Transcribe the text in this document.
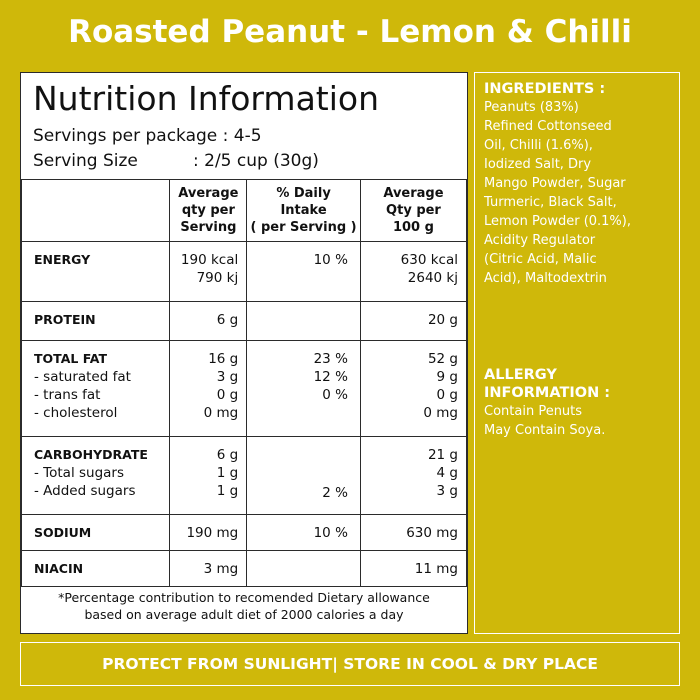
Roasted Peanut - Lemon & Chilli
Nutrition Information
Servings per package : 4-5
Serving Size	: 2/5 cup (30g)

	Average
qty per
Serving	% Daily
Intake
( per Serving )	Average
Qty per
100 g

ENERGY	190 kcal
790 kj	10 %	630 kcal
2640 kj

PROTEIN	6 g		20 g

TOTAL FAT
- saturated fat
- trans fat
- cholesterol	16 g
3 g
0 g
0 mg	23 %
12 %
0 %	52 g
9 g
0 g
0 mg

CARBOHYDRATE
- Total sugars
- Added sugars	6 g
1 g
1 g	2 %	21 g
4 g
3 g

SODIUM	190 mg	10 %	630 mg

NIACIN	3 mg		11 mg
*Percentage contribution to recomended Dietary allowance
based on average adult diet of 2000 calories a day
INGREDIENTS :
Peanuts (83%)
Refined Cottonseed
Oil, Chilli (1.6%),
Iodized Salt, Dry
Mango Powder, Sugar
Turmeric, Black Salt,
Lemon Powder (0.1%),
Acidity Regulator
(Citric Acid, Malic
Acid), Maltodextrin
ALLERGY
INFORMATION :
Contain Penuts
May Contain Soya.
PROTECT FROM SUNLIGHT| STORE IN COOL & DRY PLACE
